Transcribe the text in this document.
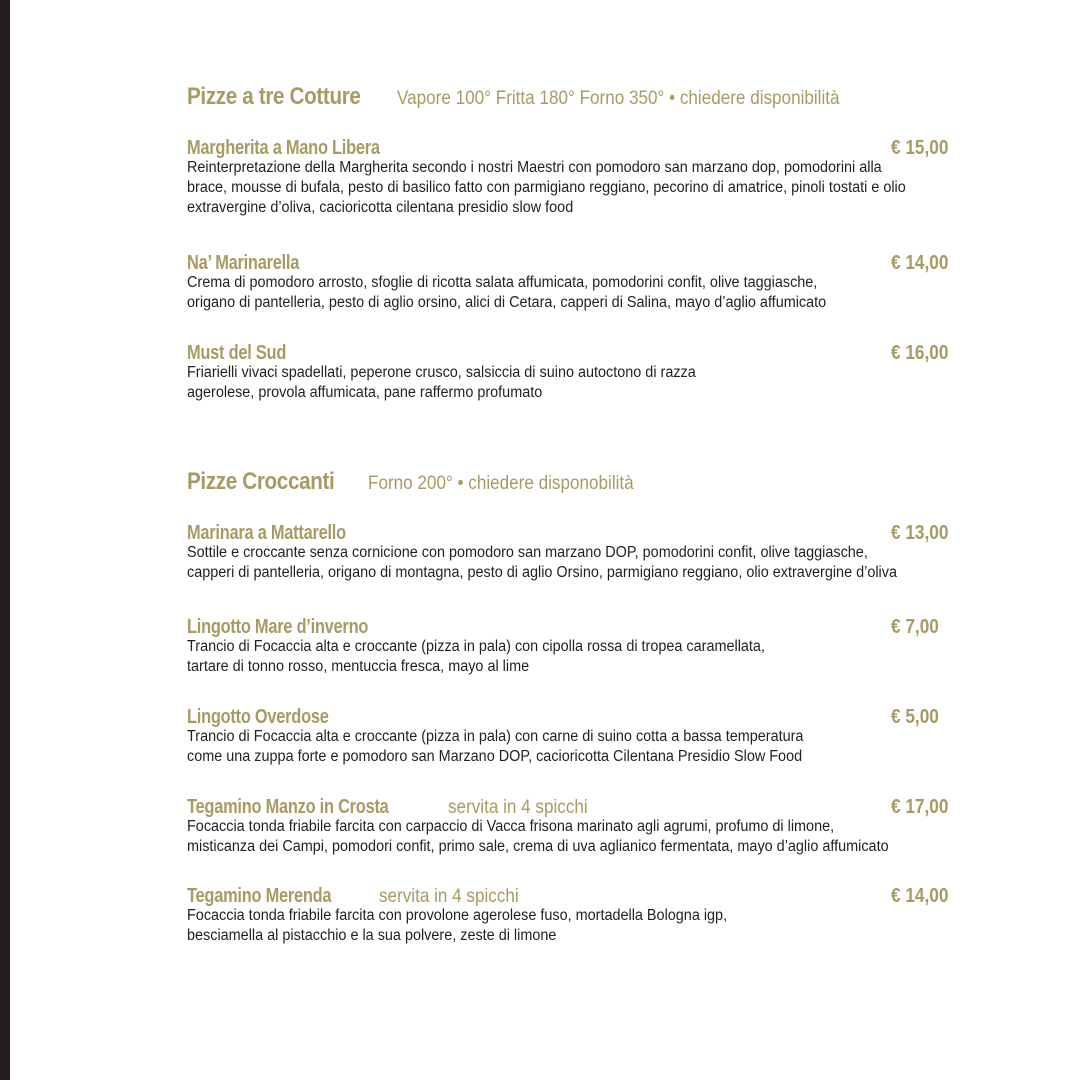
Pizze a tre Cotture Vapore 100° Fritta 180° Forno 350° • chiedere disponibilità
Margherita a Mano Libera	€ 15,00
Reinterpretazione della Margherita secondo i nostri Maestri con pomodoro san marzano dop, pomodorini alla
brace, mousse di bufala, pesto di basilico fatto con parmigiano reggiano, pecorino di amatrice, pinoli tostati e olio
extravergine d’oliva, cacioricotta cilentana presidio slow food
Na’ Marinarella	€ 14,00
Crema di pomodoro arrosto, sfoglie di ricotta salata affumicata, pomodorini confit, olive taggiasche,
origano di pantelleria, pesto di aglio orsino, alici di Cetara, capperi di Salina, mayo d’aglio affumicato
Must del Sud	€ 16,00
Friarielli vivaci spadellati, peperone crusco, salsiccia di suino autoctono di razza
agerolese, provola affumicata, pane raffermo profumato
Pizze Croccanti Forno 200° • chiedere disponobilità
Marinara a Mattarello	€ 13,00
Sottile e croccante senza cornicione con pomodoro san marzano DOP, pomodorini confit, olive taggiasche,
capperi di pantelleria, origano di montagna, pesto di aglio Orsino, parmigiano reggiano, olio extravergine d’oliva
Lingotto Mare d’inverno	€ 7,00
Trancio di Focaccia alta e croccante (pizza in pala) con cipolla rossa di tropea caramellata,
tartare di tonno rosso, mentuccia fresca, mayo al lime
Lingotto Overdose	€ 5,00
Trancio di Focaccia alta e croccante (pizza in pala) con carne di suino cotta a bassa temperatura
come una zuppa forte e pomodoro san Marzano DOP, cacioricotta Cilentana Presidio Slow Food
Tegamino Manzo in Crosta	servita in 4 spicchi	€ 17,00
Focaccia tonda friabile farcita con carpaccio di Vacca frisona marinato agli agrumi, profumo di limone,
misticanza dei Campi, pomodori confit, primo sale, crema di uva aglianico fermentata, mayo d’aglio affumicato
Tegamino Merenda	servita in 4 spicchi	€ 14,00
Focaccia tonda friabile farcita con provolone agerolese fuso, mortadella Bologna igp,
besciamella al pistacchio e la sua polvere, zeste di limone
